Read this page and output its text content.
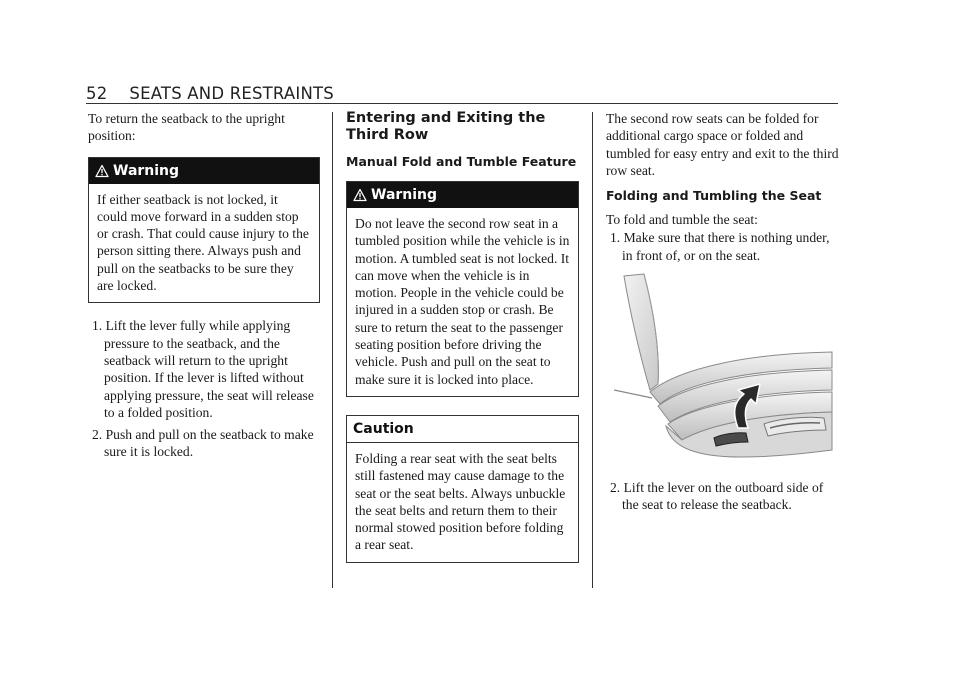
52 SEATS AND RESTRAINTS

To return the seatback to the upright position:

Warning

If either seatback is not locked, it could move forward in a sudden stop or crash. That could cause injury to the person sitting there. Always push and pull on the seatbacks to be sure they are locked.

1. Lift the lever fully while applying pressure to the seatback, and the seatback will return to the upright position. If the lever is lifted without applying pressure, the seat will release to a folded position.

2. Push and pull on the seatback to make sure it is locked.

Entering and Exiting the Third Row

Manual Fold and Tumble Feature

Warning

Do not leave the second row seat in a tumbled position while the vehicle is in motion. A tumbled seat is not locked. It can move when the vehicle is in motion. People in the vehicle could be injured in a sudden stop or crash. Be sure to return the seat to the passenger seating position before driving the vehicle. Push and pull on the seat to make sure it is locked into place.

Caution

Folding a rear seat with the seat belts still fastened may cause damage to the seat or the seat belts. Always unbuckle the seat belts and return them to their normal stowed position before folding a rear seat.

The second row seats can be folded for additional cargo space or folded and tumbled for easy entry and exit to the third row seat.

Folding and Tumbling the Seat

To fold and tumble the seat:

1. Make sure that there is nothing under, in front of, or on the seat.

2. Lift the lever on the outboard side of the seat to release the seatback.
